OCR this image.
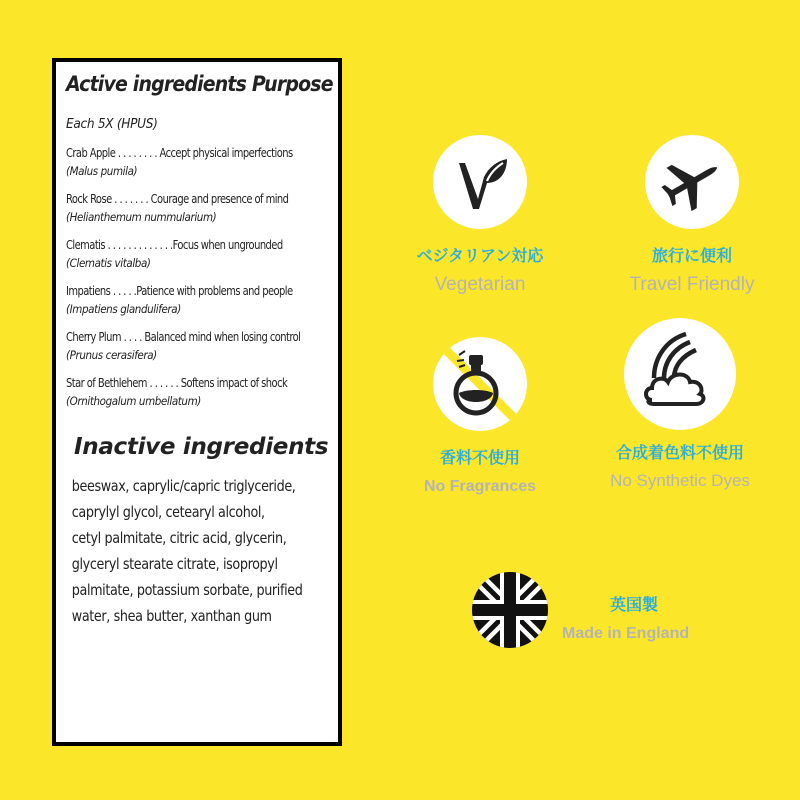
Active ingredients Purpose
Each 5X (HPUS)
Crab Apple . . . . . . . . Accept physical imperfections
(Malus pumila)
Rock Rose . . . . . . . Courage and presence of mind
(Helianthemum nummularium)
Clematis . . . . . . . . . . . . .Focus when ungrounded
(Clematis vitalba)
Impatiens . . . . .Patience with problems and people
(Impatiens glandulifera)
Cherry Plum . . . . Balanced mind when losing control
(Prunus cerasifera)
Star of Bethlehem . . . . . . Softens impact of shock
(Ornithogalum umbellatum)
Inactive ingredients
beeswax, caprylic/capric triglyceride,
caprylyl glycol, cetearyl alcohol,
cetyl palmitate, citric acid, glycerin,
glyceryl stearate citrate, isopropyl
palmitate, potassium sorbate, purified
water, shea butter, xanthan gum
ベジタリアン対応
Vegetarian
旅行に便利
Travel Friendly
香料不使用
No Fragrances
合成着色料不使用
No Synthetic Dyes
英国製
Made in England
